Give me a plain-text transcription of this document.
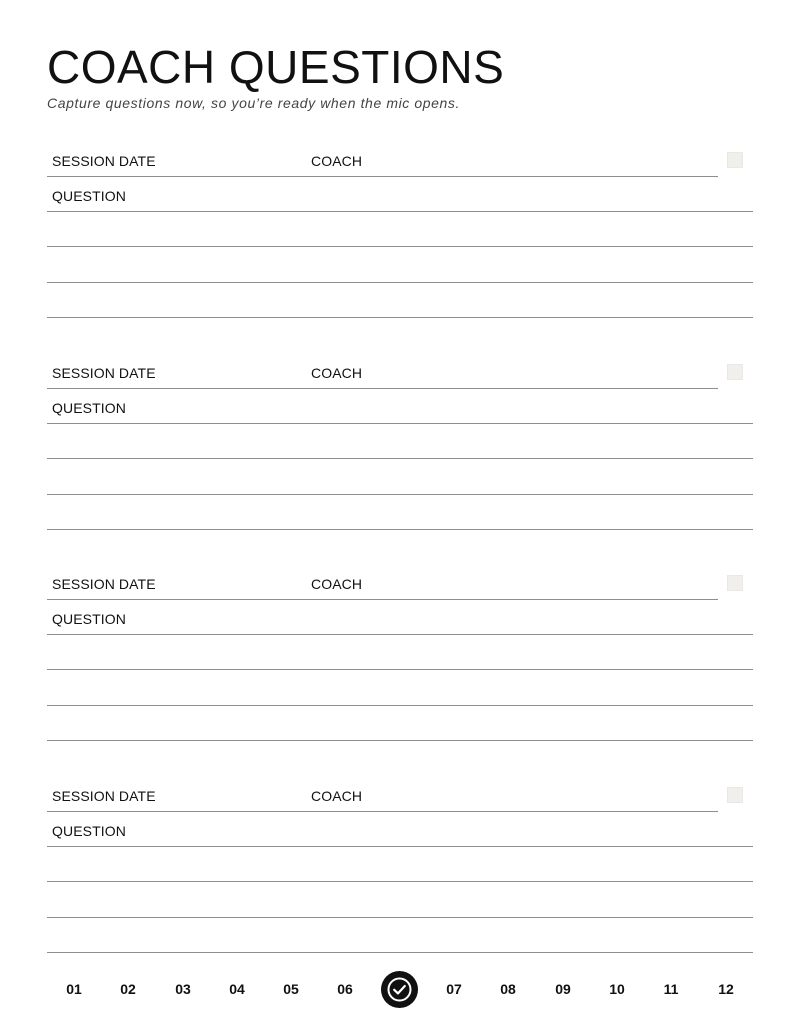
COACH QUESTIONS
Capture questions now, so you’re ready when the mic opens.
SESSION DATE	COACH
QUESTION
SESSION DATE	COACH
QUESTION
SESSION DATE	COACH
QUESTION
SESSION DATE	COACH
QUESTION
01	02	03	04	05	06	07	08	09	10	11	12
